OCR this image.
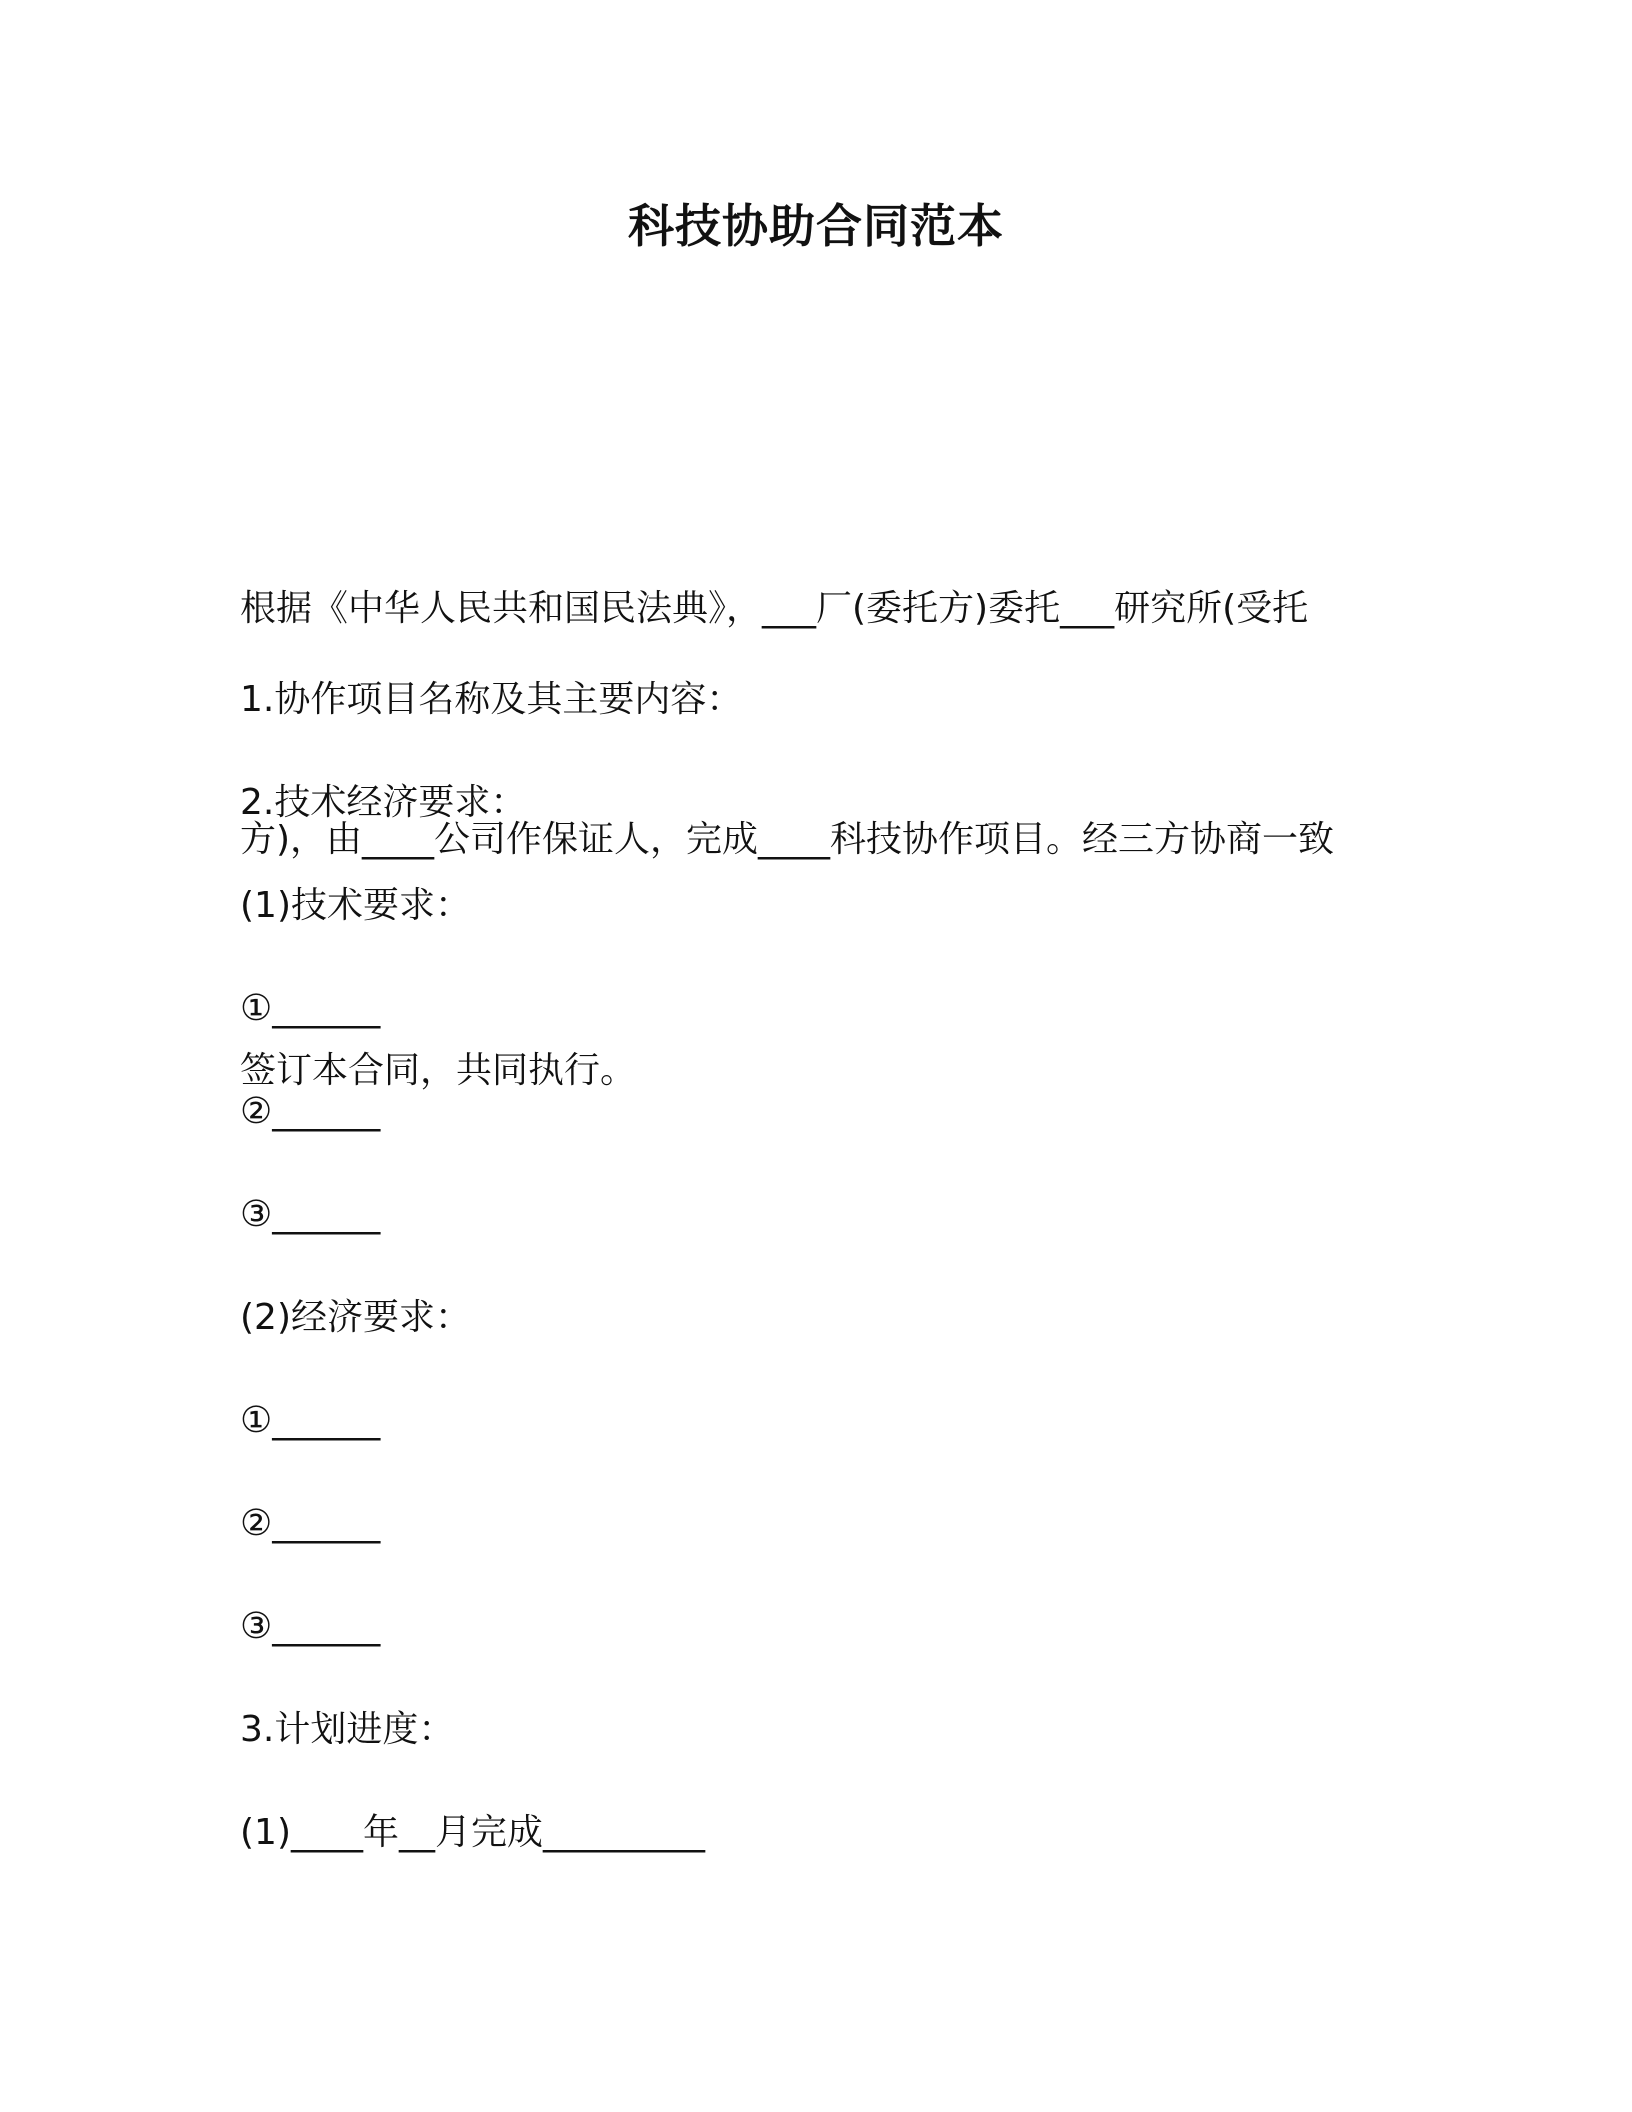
科技协助合同范本

根据《中华人民共和国民法典》，___厂(委托方)委托___研究所(受托

方)，由____公司作保证人，完成____科技协作项目。经三方协商一致

签订本合同，共同执行。

1.协作项目名称及其主要内容：
2.技术经济要求：
(1)技术要求：
①______
②______
③______
(2)经济要求：
①______
②______
③______
3.计划进度：
(1)____年__月完成_________
